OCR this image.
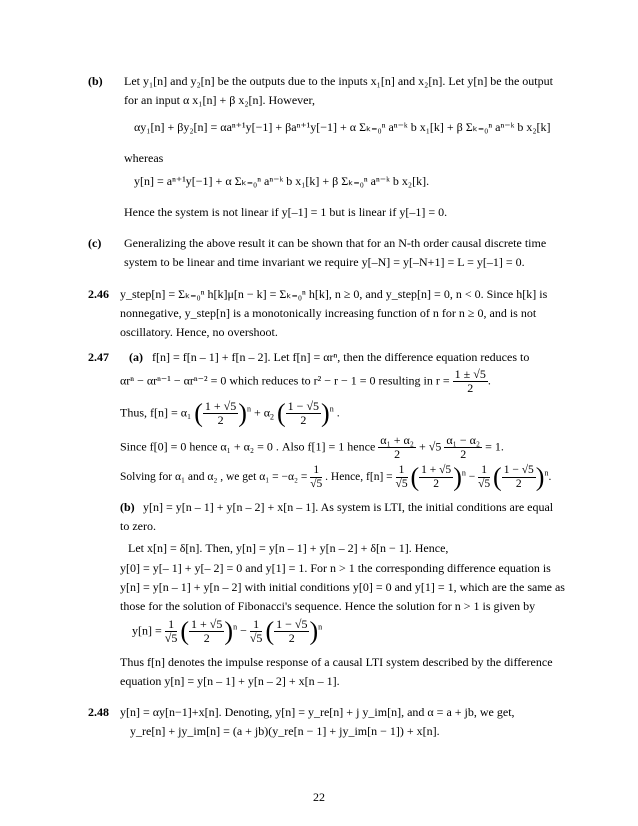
(b) Let y₁[n] and y₂[n] be the outputs due to the inputs x₁[n] and x₂[n]. Let y[n] be the output
for an input α x₁[n] + β x₂[n]. However,
αy₁[n] + βy₂[n] = αaⁿ⁺¹y[−1] + βaⁿ⁺¹y[−1] + α Σₖ₌₀ⁿ aⁿ⁻ᵏ b x₁[k] + β Σₖ₌₀ⁿ aⁿ⁻ᵏ b x₂[k]
whereas
y[n] = aⁿ⁺¹y[−1] + α Σₖ₌₀ⁿ aⁿ⁻ᵏ b x₁[k] + β Σₖ₌₀ⁿ aⁿ⁻ᵏ b x₂[k].
Hence the system is not linear if y[–1] = 1 but is linear if y[–1] = 0.
(c) Generalizing the above result it can be shown that for an N-th order causal discrete time
system to be linear and time invariant we require y[–N] = y[–N+1] = L = y[–1] = 0.
2.46 y_step[n] = Σₖ₌₀ⁿ h[k]μ[n − k] = Σₖ₌₀ⁿ h[k], n ≥ 0, and y_step[n] = 0, n < 0. Since h[k] is
nonnegative, y_step[n] is a monotonically increasing function of n for n ≥ 0, and is not
oscillatory. Hence, no overshoot.
2.47 (a) f[n] = f[n – 1] + f[n – 2]. Let f[n] = αrⁿ, then the difference equation reduces to
αrⁿ − αrⁿ⁻¹ − αrⁿ⁻² = 0 which reduces to r² − r − 1 = 0 resulting in $r = \frac{1 \pm √5}{2}$ .
Thus, f[n] = α₁ ( $\frac{1 + √5}{2} )^n + \alpha_2$ ( $\frac{1 - √5}{2} )^n$ .
Since f[0] = 0 hence α₁ + α₂ = 0 . Also f[1] = 1 hence $\frac{\text{α₁ + α₂}}{2} + √5 \frac{\text{α₁ − α₂}}{2} = 1$.
Solving for α₁ and α₂ , we get $\alpha_1 = -\alpha_2 = \frac{1}{√5}$ . Hence, $f[n] = \frac{1}{√5}$ ( $\frac{1 + √5}{2} )^n - \frac{1}{√5}$ ( $\frac{1 - √5}{2} )^n$.
(b) y[n] = y[n – 1] + y[n – 2] + x[n – 1]. As system is LTI, the initial conditions are equal
to zero.
Let x[n] = δ[n]. Then, y[n] = y[n – 1] + y[n – 2] + δ[n − 1]. Hence,
y[0] = y[– 1] + y[– 2] = 0 and y[1] = 1. For n > 1 the corresponding difference equation is
y[n] = y[n – 1] + y[n – 2] with initial conditions y[0] = 0 and y[1] = 1, which are the same as
those for the solution of Fibonacci's sequence. Hence the solution for n > 1 is given by
$y[n] = \frac{1}{√5}$ ( $\frac{1 + √5}{2} )^n - \frac{1}{√5}$ ( $\frac{1 - √5}{2} )^n$
Thus f[n] denotes the impulse response of a causal LTI system described by the difference
equation y[n] = y[n – 1] + y[n – 2] + x[n – 1].
2.48 y[n] = αy[n−1]+x[n]. Denoting, y[n] = y_re[n] + j y_im[n], and α = a + jb, we get,
y_re[n] + jy_im[n] = (a + jb)(y_re[n − 1] + jy_im[n − 1]) + x[n].
22
